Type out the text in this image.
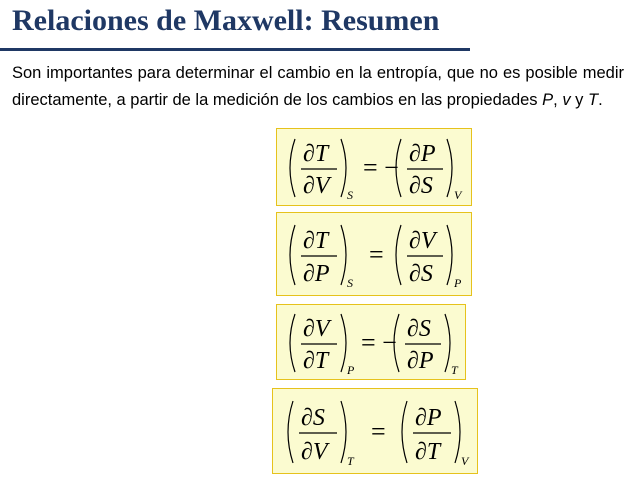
Relaciones de Maxwell: Resumen
Son importantes para determinar el cambio en la entropía, que no es posible medir directamente, a partir de la medición de los cambios en las propiedades P, v y T.
∂T
∂V S
= − ∂P
∂S V
∂T
∂P S
= ∂V
∂S P
∂V
∂T P
= − ∂S
∂P T
∂S
∂V T
= ∂P
∂T V
